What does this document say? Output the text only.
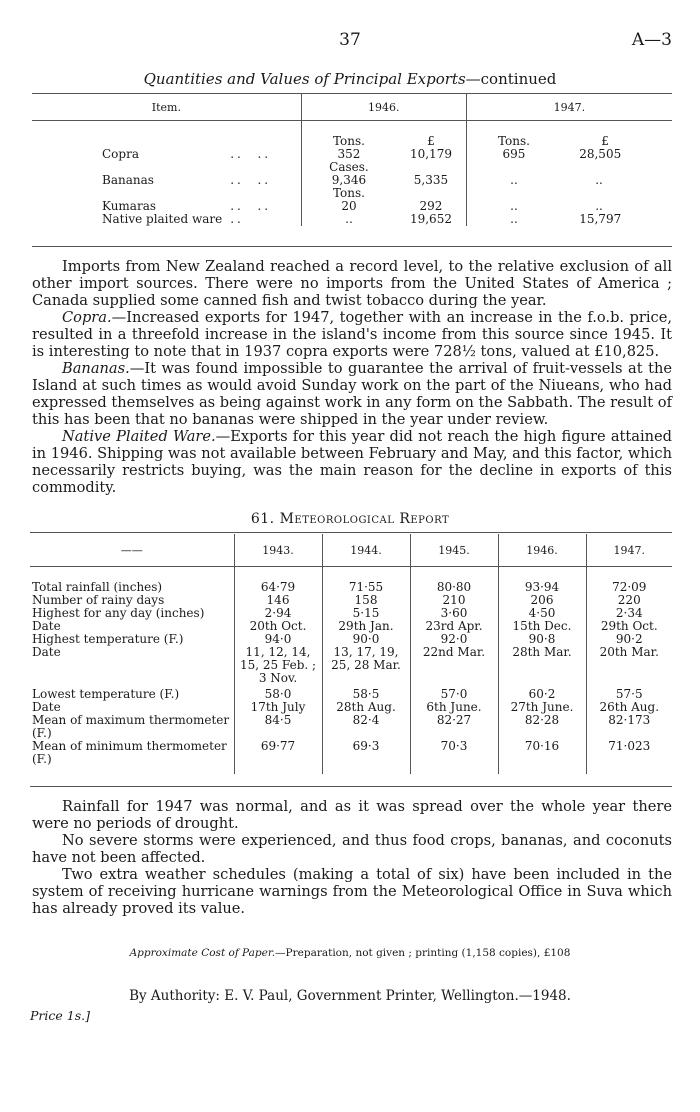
37	A—3
Quantities and Values of Principal Exports—continued
Item.		1946.		1947.	

		Tons.	£	Tons.	£
Copra	..  ..	352	10,179	695	28,505
		Cases.			
Bananas	..  ..	9,346	5,335	..	..
		Tons.			
Kumaras	..  ..	20	292	..	..
Native plaited ware	..	..	19,652	..	15,797

Imports from New Zealand reached a record level, to the relative exclusion of all other import sources. There were no imports from the United States of America ; Canada supplied some canned fish and twist tobacco during the year.

Copra.—Increased exports for 1947, together with an increase in the f.o.b. price, resulted in a threefold increase in the island's income from this source since 1945. It is interesting to note that in 1937 copra exports were 728½ tons, valued at £10,825.

Bananas.—It was found impossible to guarantee the arrival of fruit-vessels at the Island at such times as would avoid Sunday work on the part of the Niueans, who had expressed themselves as being against work in any form on the Sabbath. The result of this has been that no bananas were shipped in the year under review.

Native Plaited Ware.—Exports for this year did not reach the high figure attained in 1946. Shipping was not available between February and May, and this factor, which necessarily restricts buying, was the main reason for the decline in exports of this commodity.

61. Meteorological Report
——	1943.	1944.	1945.	1946.	1947.

Total rainfall (inches)	64·79	71·55	80·80	93·94	72·09
Number of rainy days	146	158	210	206	220
Highest for any day (inches)	2·94	5·15	3·60	4·50	2·34
Date	20th Oct.	29th Jan.	23rd Apr.	15th Dec.	29th Oct.
Highest temperature (F.)	94·0	90·0	92·0	90·8	90·2
Date	11, 12, 14, 15, 25 Feb. ; 3 Nov.	13, 17, 19, 25, 28 Mar.	22nd Mar.	28th Mar.	20th Mar.
Lowest temperature (F.)	58·0	58·5	57·0	60·2	57·5
Date	17th July	28th Aug.	6th June.	27th June.	26th Aug.
Mean of maximum thermometer (F.)	84·5	82·4	82·27	82·28	82·173
Mean of minimum thermometer (F.)	69·77	69·3	70·3	70·16	71·023

Rainfall for 1947 was normal, and as it was spread over the whole year there were no periods of drought.

No severe storms were experienced, and thus food crops, bananas, and coconuts have not been affected.

Two extra weather schedules (making a total of six) have been included in the system of receiving hurricane warnings from the Meteorological Office in Suva which has already proved its value.

Approximate Cost of Paper.—Preparation, not given ; printing (1,158 copies), £108
By Authority: E. V. Paul, Government Printer, Wellington.—1948.
Price 1s.]
